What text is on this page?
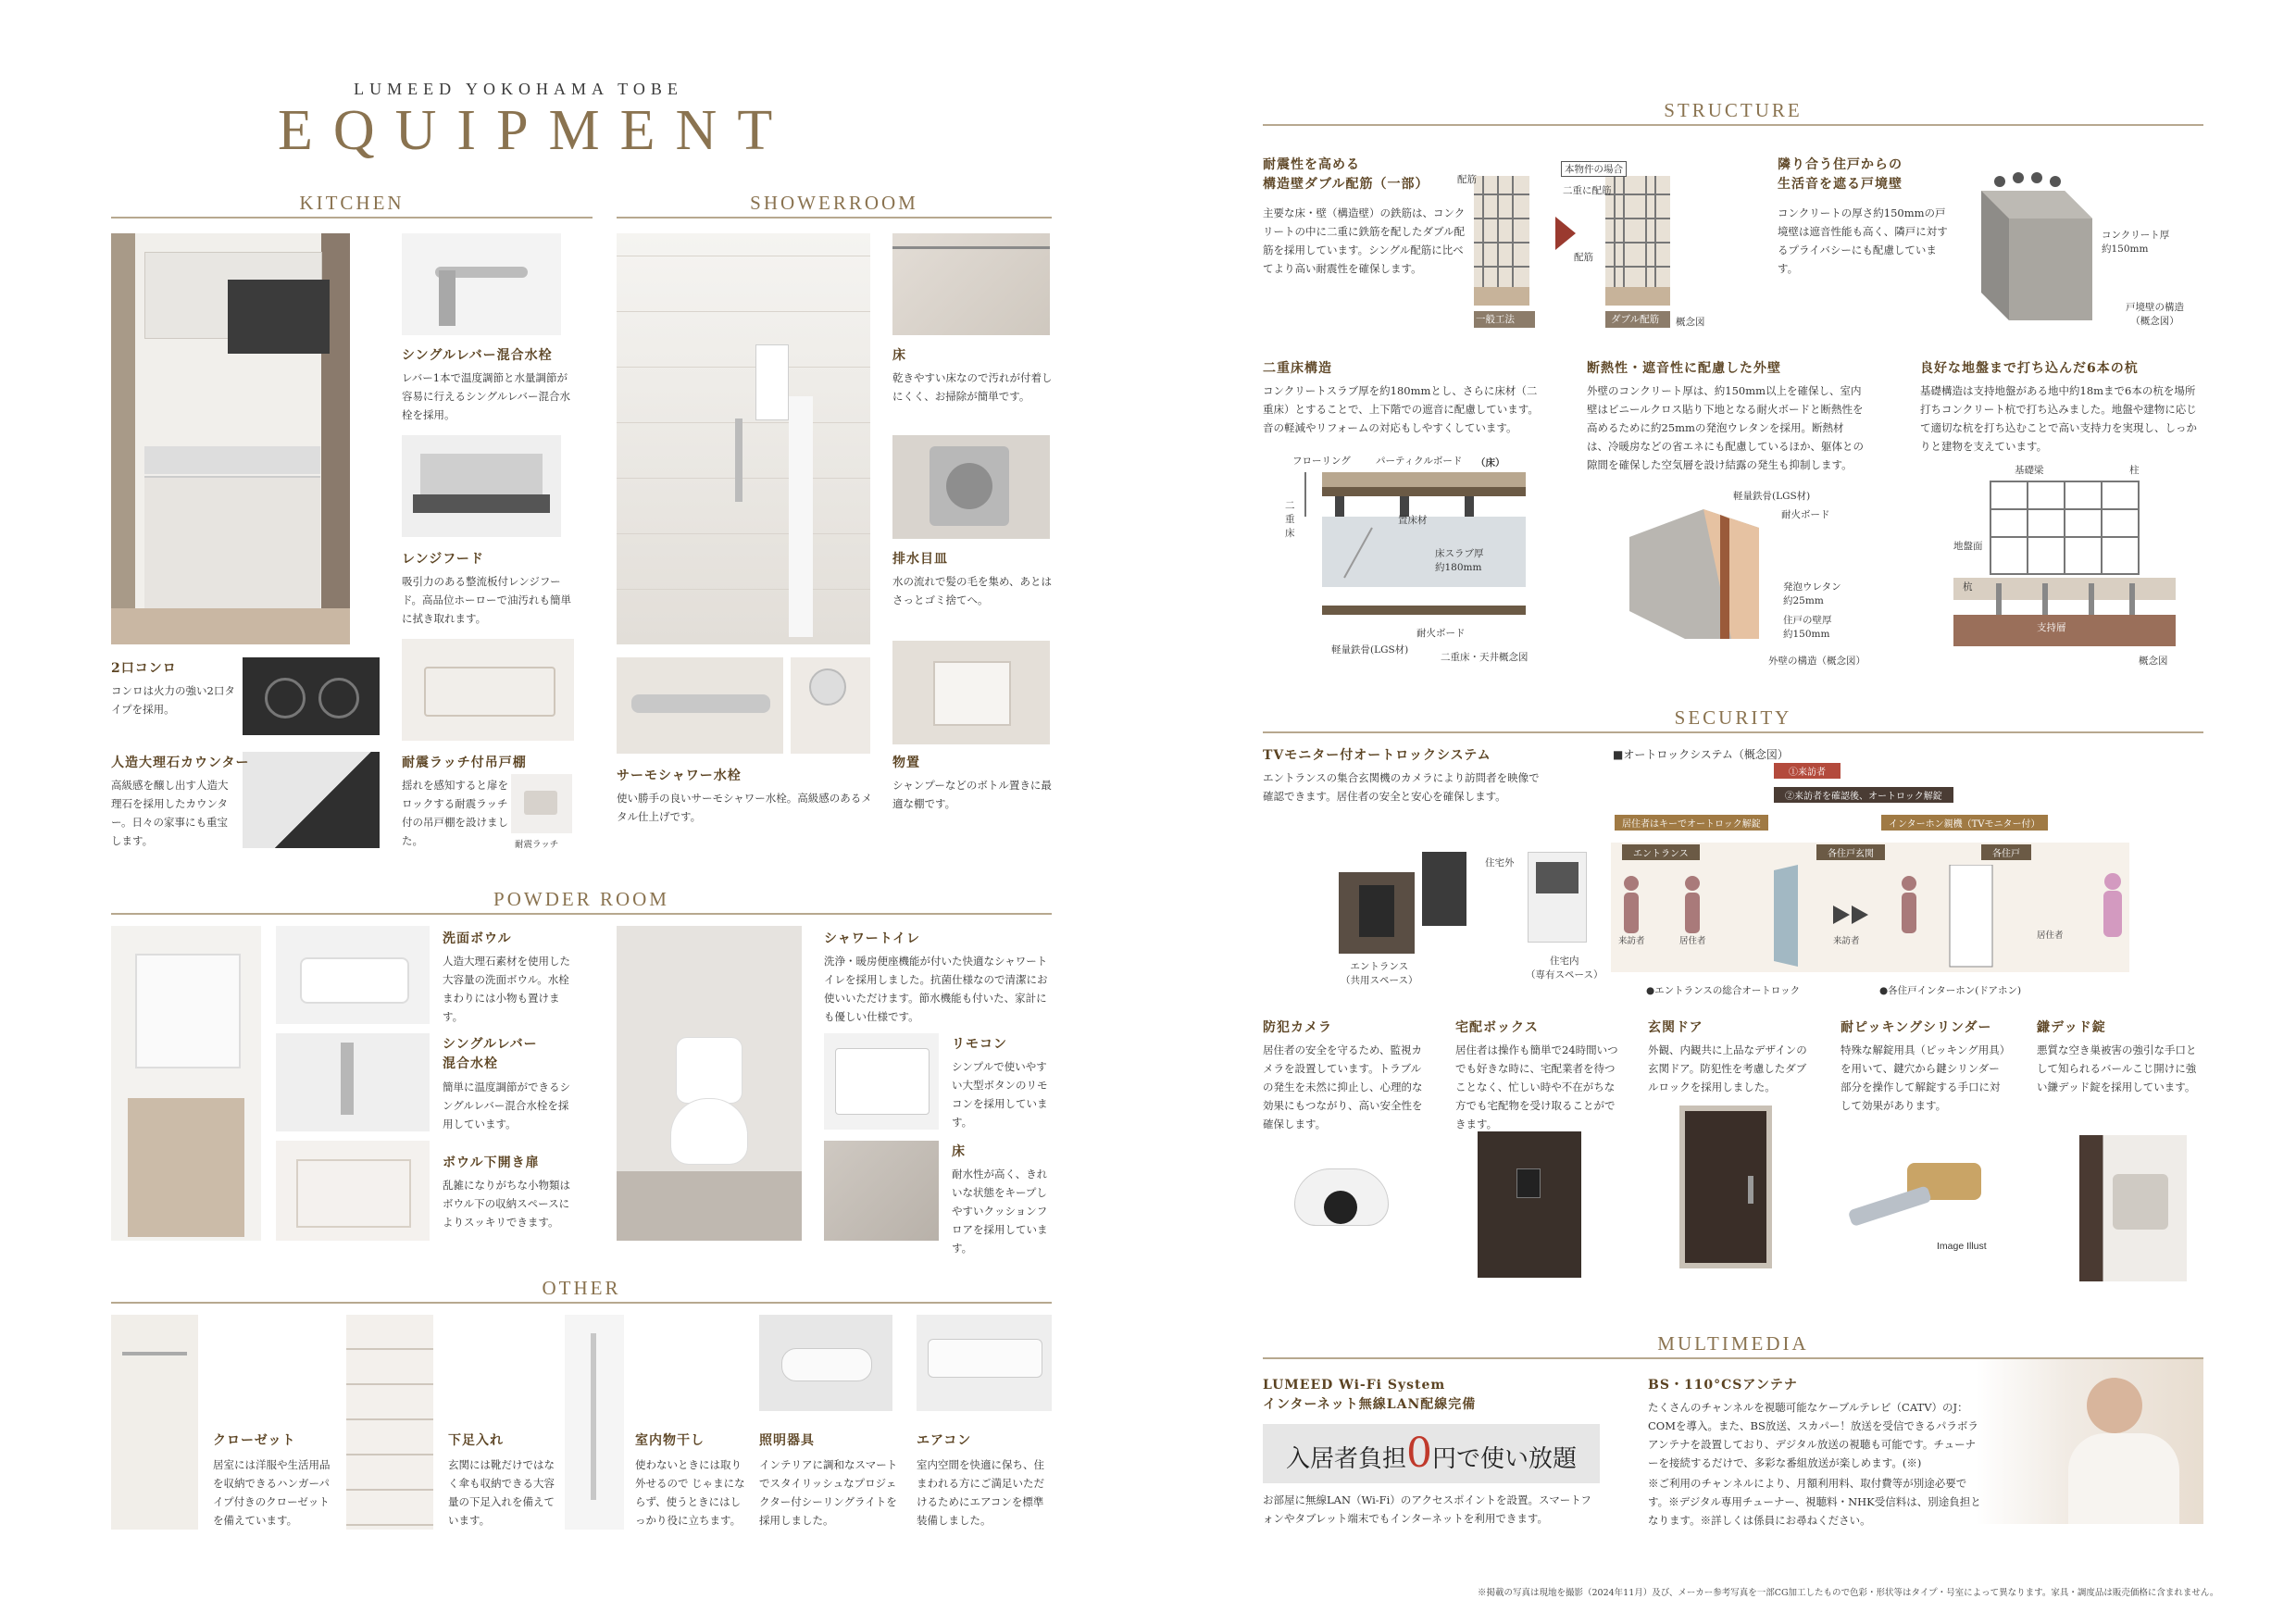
LUMEED YOKOHAMA TOBE
EQUIPMENT
KITCHEN
シングルレバー混合水栓
レバー1本で温度調節と水量調節が容易に行えるシングルレバー混合水栓を採用。
レンジフード
吸引力のある整流板付レンジフード。高品位ホーローで油汚れも簡単に拭き取れます。
2口コンロ
コンロは火力の強い2口タイプを採用。
人造大理石カウンター
高級感を醸し出す人造大理石を採用したカウンター。日々の家事にも重宝します。
耐震ラッチ付吊戸棚
揺れを感知すると扉をロックする耐震ラッチ付の吊戸棚を設けました。	耐震ラッチ
SHOWERROOM
床
乾きやすい床なので汚れが付着しにくく、お掃除が簡単です。
排水目皿
水の流れで髪の毛を集め、あとはさっとゴミ捨てへ。
サーモシャワー水栓
使い勝手の良いサーモシャワー水栓。高級感のあるメタル仕上げです。
物置
シャンプーなどのボトル置きに最適な棚です。
POWDER ROOM
洗面ボウル
人造大理石素材を使用した大容量の洗面ボウル。水栓まわりには小物も置けます。
シングルレバー
混合水栓
簡単に温度調節ができるシングルレバー混合水栓を採用しています。
ボウル下開き扉
乱雑になりがちな小物類はボウル下の収納スペースによりスッキリできます。
シャワートイレ
洗浄・暖房便座機能が付いた快適なシャワートイレを採用しました。抗菌仕様なので清潔にお使いいただけます。節水機能も付いた、家計にも優しい仕様です。
リモコン
シンプルで使いやすい大型ボタンのリモコンを採用しています。
床
耐水性が高く、きれいな状態をキープしやすいクッションフロアを採用しています。
OTHER
クローゼット
居室には洋服や生活用品を収納できるハンガーパイプ付きのクローゼットを備えています。
下足入れ
玄関には靴だけではなく傘も収納できる大容量の下足入れを備えています。
室内物干し
使わないときには取り外せるので じゃまにならず、使うときにはしっかり役に立ちます。
照明器具
インテリアに調和なスマートでスタイリッシュなプロジェクター付シーリングライトを採用しました。
エアコン
室内空間を快適に保ち、住まわれる方にご満足いただけるためにエアコンを標準装備しました。
STRUCTURE
耐震性を高める
構造壁ダブル配筋（一部）
主要な床・壁（構造壁）の鉄筋は、コンクリートの中に二重に鉄筋を配したダブル配筋を採用しています。シングル配筋に比べてより高い耐震性を確保します。
配筋
本物件の場合
二重に配筋
配筋
一般工法	ダブル配筋 概念図
隣り合う住戸からの
生活音を遮る戸境壁
コンクリートの厚さ約150mmの戸境壁は遮音性能も高く、隣戸に対するプライバシーにも配慮しています。
コンクリート厚
約150mm
戸境壁の構造
（概念図）
二重床構造
コンクリートスラブ厚を約180mmとし、さらに床材（二重床）とすることで、上下階での遮音に配慮しています。音の軽減やリフォームの対応もしやすくしています。
フローリング	パーティクルボード （床）
二重床
置床材
床スラブ厚
約180mm
耐火ボード
軽量鉄骨(LGS材)
二重床・天井概念図
断熱性・遮音性に配慮した外壁
外壁のコンクリート厚は、約150mm以上を確保し、室内壁はビニールクロス貼り下地となる耐火ボードと断熱性を高めるために約25mmの発泡ウレタンを採用。断熱材は、冷暖房などの省エネにも配慮しているほか、躯体との隙間を確保した空気層を設け結露の発生も抑制します。
軽量鉄骨(LGS材)
耐火ボード
発泡ウレタン
約25mm
住戸の壁厚
約150mm
外壁の構造（概念図）
良好な地盤まで打ち込んだ6本の杭
基礎構造は支持地盤がある地中約18mまで6本の杭を場所打ちコンクリート杭で打ち込みました。地盤や建物に応じて適切な杭を打ち込むことで高い支持力を実現し、しっかりと建物を支えています。
基礎梁	柱
地盤面
杭
支持層
概念図
SECURITY
TVモニター付オートロックシステム
エントランスの集合玄関機のカメラにより訪問者を映像で確認できます。居住者の安全と安心を確保します。
住宅外
住宅内
（専有スペース）
エントランス
（共用スペース）
■オートロックシステム（概念図）
①来訪者
②来訪者を確認後、オートロック解錠
居住者はキーでオートロック解錠	インターホン親機（TVモニター付）
エントランス	各住戸玄関	各住戸
来訪者	居住者	来訪者
居住者
●エントランスの総合オートロック	●各住戸インターホン(ドアホン)
防犯カメラ
居住者の安全を守るため、監視カメラを設置しています。トラブルの発生を未然に抑止し、心理的な効果にもつながり、高い安全性を確保します。
宅配ボックス
居住者は操作も簡単で24時間いつでも好きな時に、宅配業者を待つことなく、忙しい時や不在がちな方でも宅配物を受け取ることができます。
玄関ドア
外観、内観共に上品なデザインの玄関ドア。防犯性を考慮したダブルロックを採用しました。
耐ピッキングシリンダー
特殊な解錠用具（ピッキング用具）を用いて、鍵穴から鍵シリンダー部分を操作して解錠する手口に対して効果があります。
Image Illust
鎌デッド錠
悪質な空き巣被害の強引な手口として知られるバールこじ開けに強い鎌デッド錠を採用しています。
MULTIMEDIA
LUMEED Wi-Fi System
インターネット無線LAN配線完備
入居者負担0円で使い放題
お部屋に無線LAN（Wi-Fi）のアクセスポイントを設置。スマートフォンやタブレット端末でもインターネットを利用できます。
BS・110°CSアンテナ
たくさんのチャンネルを視聴可能なケーブルテレビ（CATV）のJ：COMを導入。また、BS放送、スカパー！放送を受信できるパラボラアンテナを設置しており、デジタル放送の視聴も可能です。チューナーを接続するだけで、多彩な番組放送が楽しめます。(※)
※ご利用のチャンネルにより、月額利用料、取付費等が別途必要です。※デジタル専用チューナー、視聴料・NHK受信料は、別途負担となります。※詳しくは係員にお尋ねください。
※掲載の写真は現地を撮影（2024年11月）及び、メーカー参考写真を一部CG加工したもので色彩・形状等はタイプ・号室によって異なります。家具・調度品は販売価格に含まれません。
